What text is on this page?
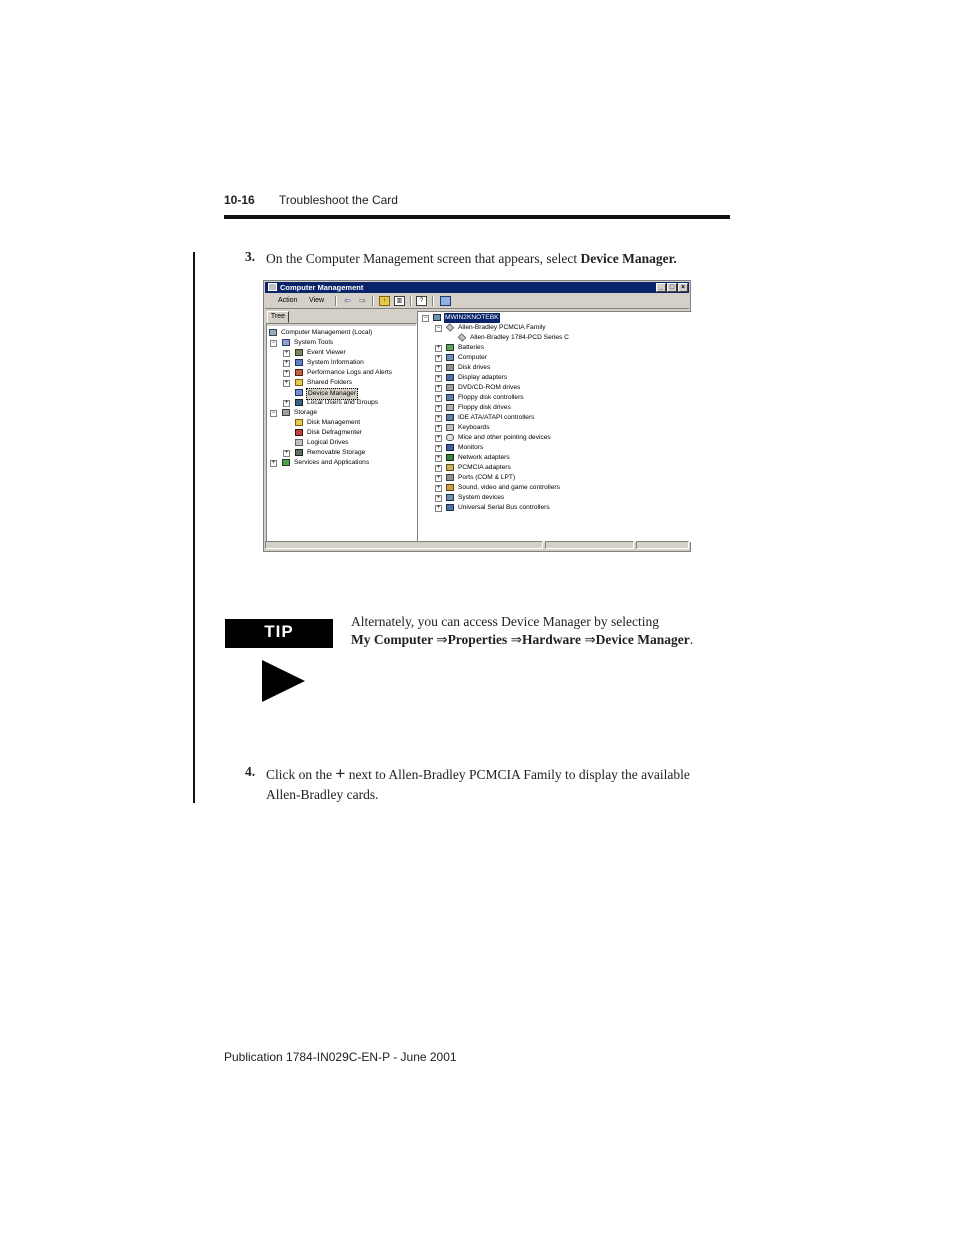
10-16 Troubleshoot the Card
3. On the Computer Management screen that appears, select Device Manager.
Computer Management	_ □ ×
Action View	⇦ ⇨	↑	▥	?
Tree
Computer Management (Local)
−	System Tools
+	Event Viewer
+	System Information
+	Performance Logs and Alerts
+	Shared Folders
Device Manager
+	Local Users and Groups
−	Storage
Disk Management
Disk Defragmenter
Logical Drives
+	Removable Storage
+	Services and Applications
−	MWIN2KNOTEBK
−	Allen-Bradley PCMCIA Family
Allen-Bradley 1784-PCD Series C
+	Batteries
+	Computer
+	Disk drives
+	Display adapters
+	DVD/CD-ROM drives
+	Floppy disk controllers
+	Floppy disk drives
+	IDE ATA/ATAPI controllers
+	Keyboards
+	Mice and other pointing devices
+	Monitors
+	Network adapters
+	PCMCIA adapters
+	Ports (COM & LPT)
+	Sound, video and game controllers
+	System devices
+	Universal Serial Bus controllers
TIP
Alternately, you can access Device Manager by selecting
My Computer ⇒Properties ⇒Hardware ⇒Device Manager.
4. Click on the + next to Allen-Bradley PCMCIA Family to display the available
Allen-Bradley cards.
Publication 1784-IN029C-EN-P - June 2001
